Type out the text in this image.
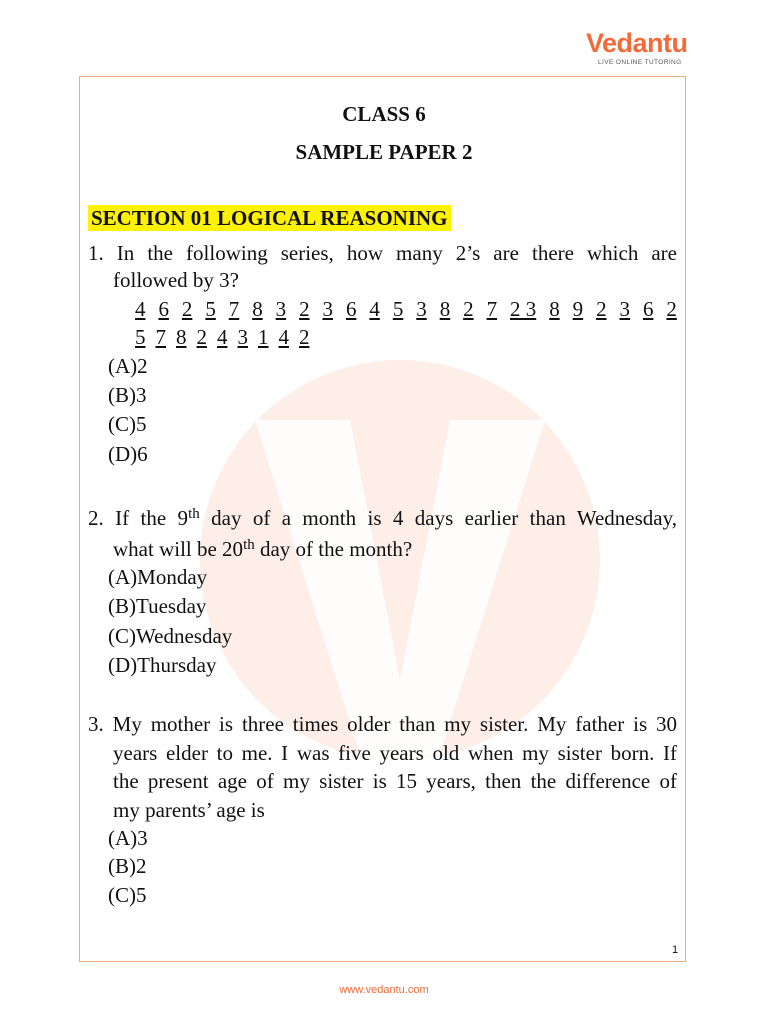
Vedantu
LIVE ONLINE TUTORING
CLASS 6
SAMPLE PAPER 2
SECTION 01 LOGICAL REASONING
1. In the following series, how many 2’s are there which are
followed by 3?
4 6 2 5 7 8 3 2 3 6 4 5 3 8 2 7 2 3 8 9 2 3 6 2
5 7 8 2 4 3 1 4 2
(A)2
(B)3
(C)5
(D)6
2. If the 9th day of a month is 4 days earlier than Wednesday,
what will be 20th day of the month?
(A)Monday
(B)Tuesday
(C)Wednesday
(D)Thursday
3. My mother is three times older than my sister. My father is 30
years elder to me. I was five years old when my sister born. If
the present age of my sister is 15 years, then the difference of
my parents’ age is
(A)3
(B)2
(C)5
1
www.vedantu.com
